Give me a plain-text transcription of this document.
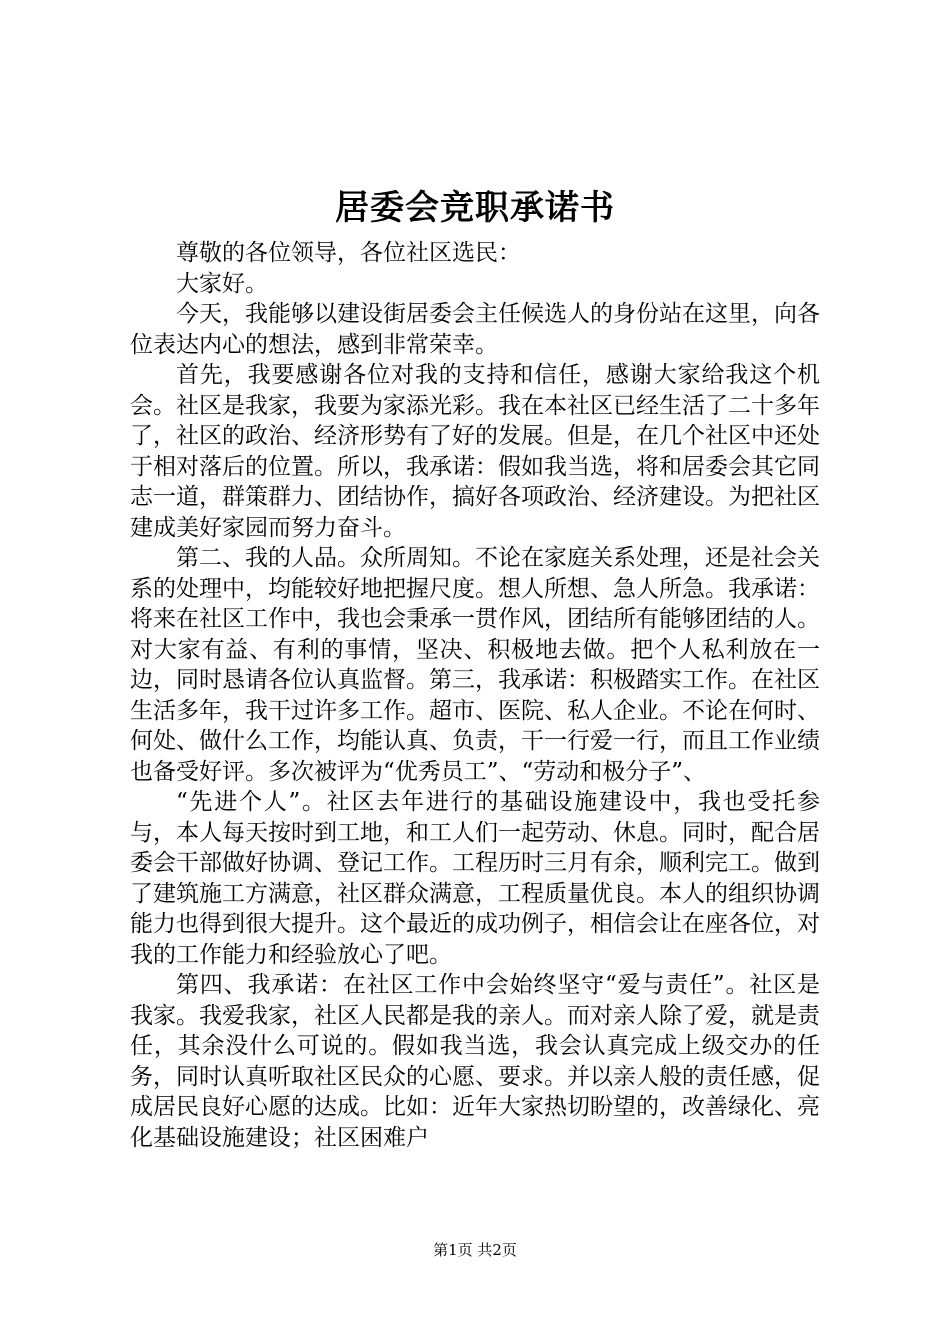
居委会竞职承诺书

尊敬的各位领导，各位社区选民：

大家好。

今天，我能够以建设街居委会主任候选人的身份站在这里，向各位表达内心的想法，感到非常荣幸。

首先，我要感谢各位对我的支持和信任，感谢大家给我这个机会。社区是我家，我要为家添光彩。我在本社区已经生活了二十多年了，社区的政治、经济形势有了好的发展。但是，在几个社区中还处于相对落后的位置。所以，我承诺：假如我当选，将和居委会其它同志一道，群策群力、团结协作，搞好各项政治、经济建设。为把社区建成美好家园而努力奋斗。

第二、我的人品。众所周知。不论在家庭关系处理，还是社会关系的处理中，均能较好地把握尺度。想人所想、急人所急。我承诺：将来在社区工作中，我也会秉承一贯作风，团结所有能够团结的人。对大家有益、有利的事情，坚决、积极地去做。把个人私利放在一边，同时恳请各位认真监督。第三，我承诺：积极踏实工作。在社区生活多年，我干过许多工作。超市、医院、私人企业。不论在何时、何处、做什么工作，均能认真、负责，干一行爱一行，而且工作业绩也备受好评。多次被评为“优秀员工”、“劳动和极分子”、

“先进个人”。社区去年进行的基础设施建设中，我也受托参与，本人每天按时到工地，和工人们一起劳动、休息。同时，配合居委会干部做好协调、登记工作。工程历时三月有余，顺利完工。做到了建筑施工方满意，社区群众满意，工程质量优良。本人的组织协调能力也得到很大提升。这个最近的成功例子，相信会让在座各位，对我的工作能力和经验放心了吧。

第四、我承诺：在社区工作中会始终坚守“爱与责任”。社区是我家。我爱我家，社区人民都是我的亲人。而对亲人除了爱，就是责任，其余没什么可说的。假如我当选，我会认真完成上级交办的任务，同时认真听取社区民众的心愿、要求。并以亲人般的责任感，促成居民良好心愿的达成。比如：近年大家热切盼望的，改善绿化、亮化基础设施建设；社区困难户

第1页 共2页
